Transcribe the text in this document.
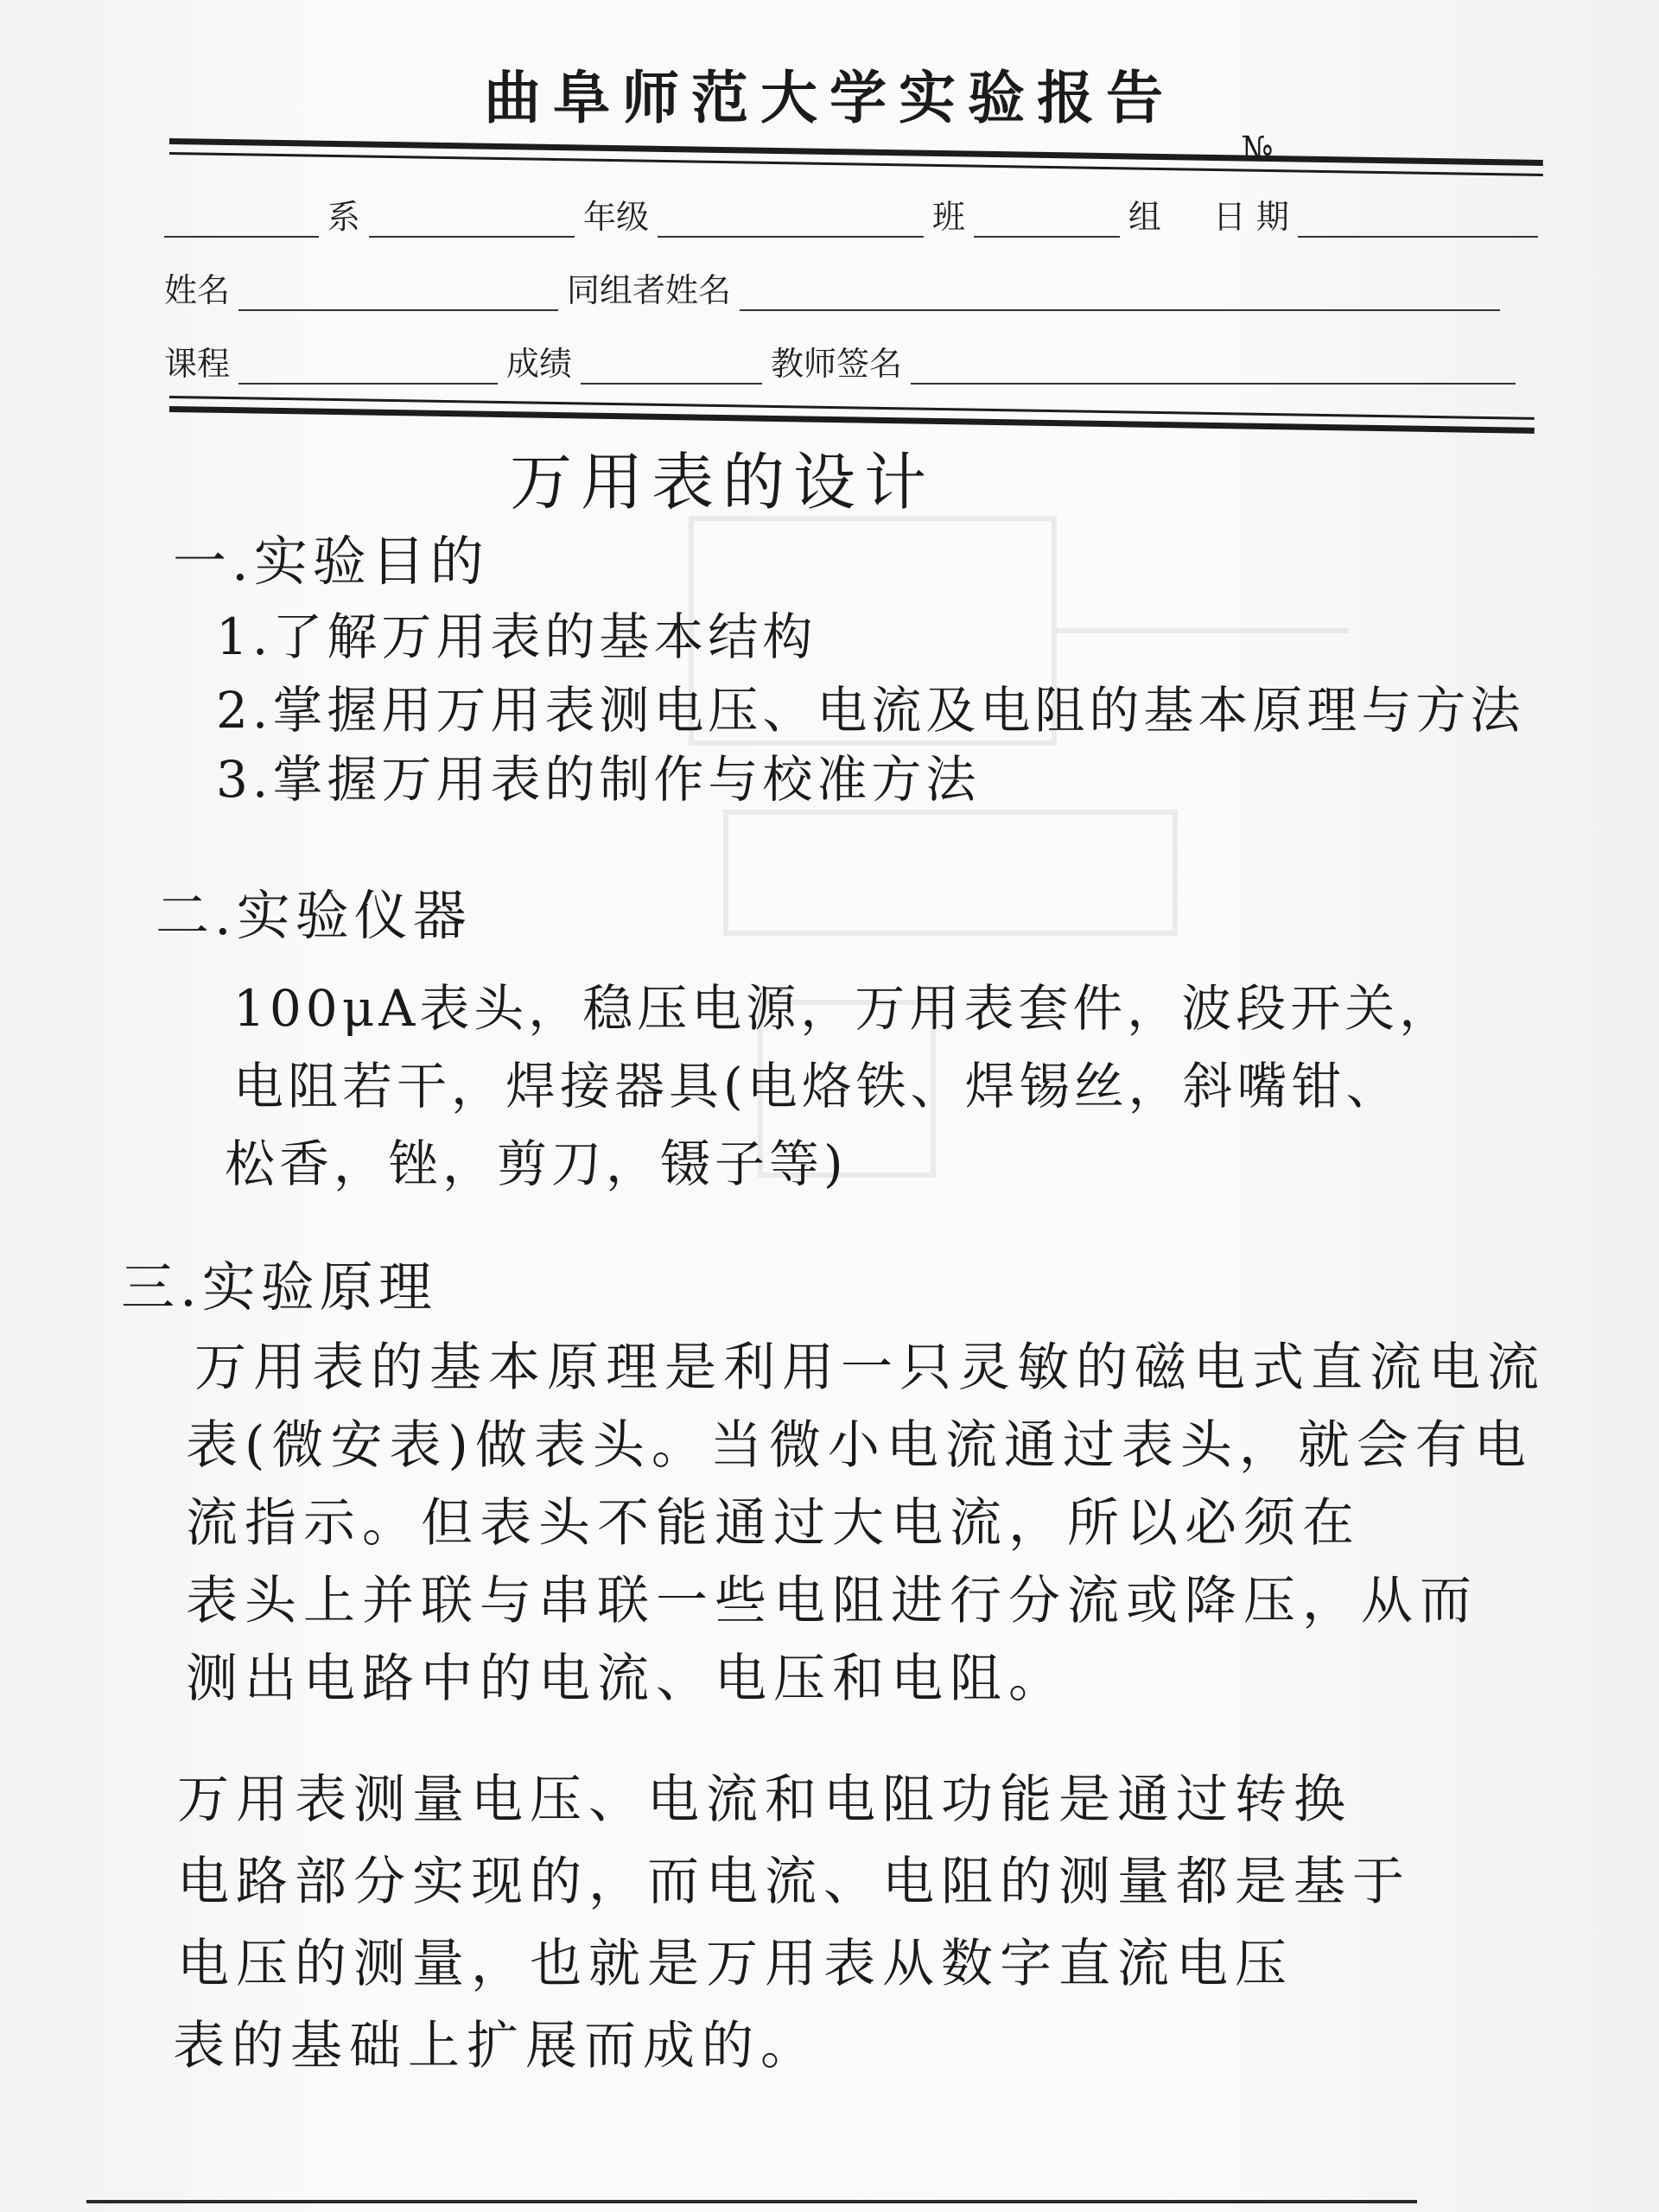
曲阜师范大学实验报告
№
系	年级	班	组	日 期
姓名	同组者姓名
课程	成绩	教师签名
万用表的设计
一.实验目的
1.了解万用表的基本结构
2.掌握用万用表测电压、电流及电阻的基本原理与方法
3.掌握万用表的制作与校准方法
二.实验仪器
100μA表头，稳压电源，万用表套件，波段开关，
电阻若干，焊接器具(电烙铁、焊锡丝，斜嘴钳、
松香，锉，剪刀，镊子等)
三.实验原理
万用表的基本原理是利用一只灵敏的磁电式直流电流
表(微安表)做表头。当微小电流通过表头，就会有电
流指示。但表头不能通过大电流，所以必须在
表头上并联与串联一些电阻进行分流或降压，从而
测出电路中的电流、电压和电阻。
万用表测量电压、电流和电阻功能是通过转换
电路部分实现的，而电流、电阻的测量都是基于
电压的测量，也就是万用表从数字直流电压
表的基础上扩展而成的。
